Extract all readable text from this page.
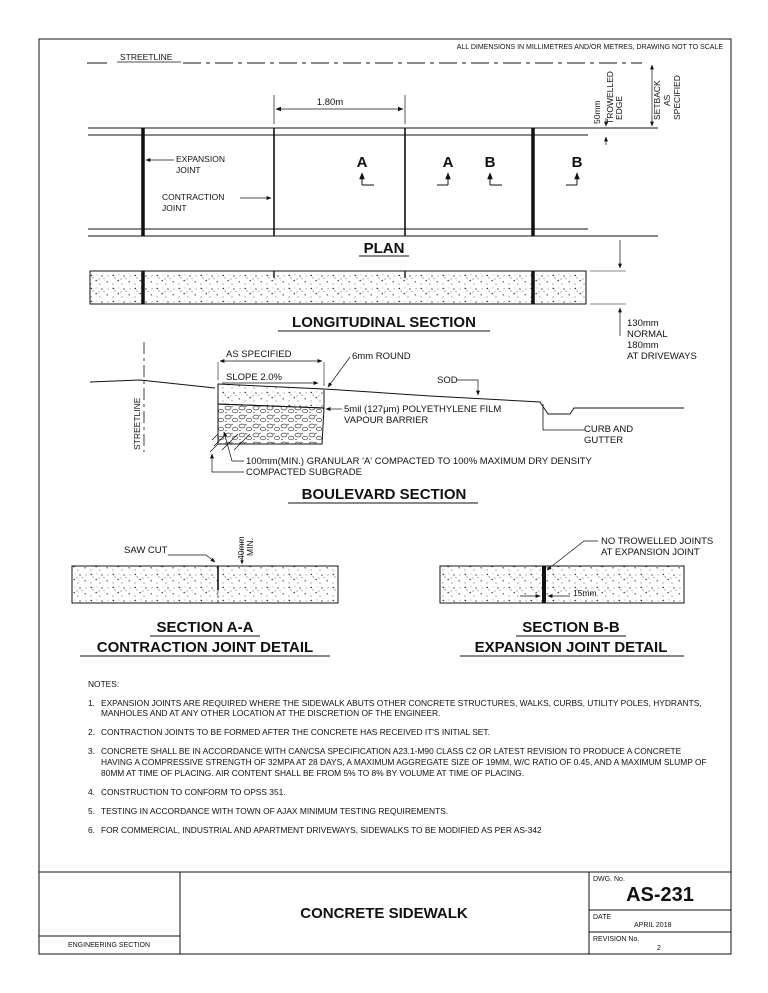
ALL DIMENSIONS IN MILLIMETRES AND/OR METRES, DRAWING NOT TO SCALE
STREETLINE
1.80m
EXPANSION JOINT
CONTRACTION JOINT
A	A B	B
50mm TROWELLEDEDGE	SETBACKASSPECIFIED
PLAN
130mm NORMAL 180mm AT DRIVEWAYS
LONGITUDINAL SECTION
STREETLINE
AS SPECIFIED	6mm ROUND
SLOPE 2.0%	SOD
5mil (127μm) POLYETHYLENE FILM VAPOUR BARRIER
CURB AND GUTTER
100mm(MIN.) GRANULAR 'A' COMPACTED TO 100% MAXIMUM DRY DENSITY COMPACTED SUBGRADE
BOULEVARD SECTION
SAW CUT	40mmMIN.
SECTION A-A
CONTRACTION JOINT DETAIL
NO TROWELLED JOINTS AT EXPANSION JOINT
15mm
SECTION B-B
EXPANSION JOINT DETAIL
ENGINEERING SECTION
CONCRETE SIDEWALK
DWG. No.
AS-231
DATE
APRIL 2018
REVISION No.
2
NOTES:
1. EXPANSION JOINTS ARE REQUIRED WHERE THE SIDEWALK ABUTS OTHER CONCRETE STRUCTURES, WALKS, CURBS, UTILITY POLES, HYDRANTS, MANHOLES AND AT ANY OTHER LOCATION AT THE DISCRETION OF THE ENGINEER.
2. CONTRACTION JOINTS TO BE FORMED AFTER THE CONCRETE HAS RECEIVED IT'S INITIAL SET.
3. CONCRETE SHALL BE IN ACCORDANCE WITH CAN/CSA SPECIFICATION A23.1-M90 CLASS C2 OR LATEST REVISION TO PRODUCE A CONCRETE HAVING A COMPRESSIVE STRENGTH OF 32MPA AT 28 DAYS, A MAXIMUM AGGREGATE SIZE OF 19MM, W/C RATIO OF 0.45, AND A MAXIMUM SLUMP OF 80MM AT TIME OF PLACING. AIR CONTENT SHALL BE FROM 5% TO 8% BY VOLUME AT TIME OF PLACING.
4. CONSTRUCTION TO CONFORM TO OPSS 351.
5. TESTING IN ACCORDANCE WITH TOWN OF AJAX MINIMUM TESTING REQUIREMENTS.
6. FOR COMMERCIAL, INDUSTRIAL AND APARTMENT DRIVEWAYS, SIDEWALKS TO BE MODIFIED AS PER AS-342
